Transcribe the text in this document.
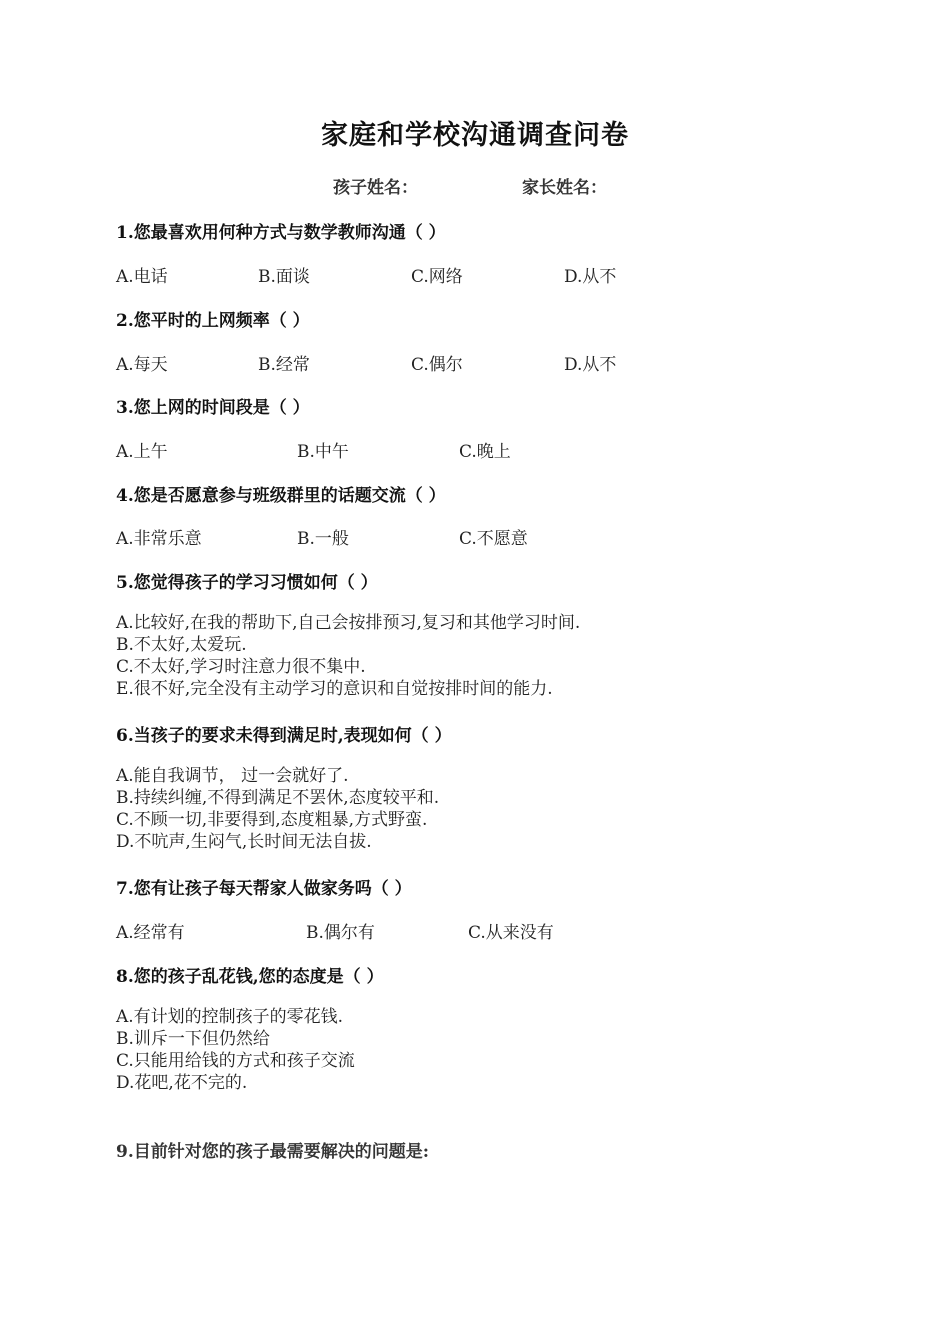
家庭和学校沟通调查问卷
孩子姓名：	家长姓名：
1.您最喜欢用何种方式与数学教师沟通（ ）
A.电话	B.面谈	C.网络	D.从不
2.您平时的上网频率（ ）
A.每天	B.经常	C.偶尔	D.从不
3.您上网的时间段是（ ）
A.上午	B.中午	C.晚上
4.您是否愿意参与班级群里的话题交流（ ）
A.非常乐意	B.一般	C.不愿意
5.您觉得孩子的学习习惯如何（ ）
A.比较好,在我的帮助下,自己会按排预习,复习和其他学习时间.
B.不太好,太爱玩.
C.不太好,学习时注意力很不集中.
E.很不好,完全没有主动学习的意识和自觉按排时间的能力.
6.当孩子的要求未得到满足时,表现如何（ ）
A.能自我调节， 过一会就好了.
B.持续纠缠,不得到满足不罢休,态度较平和.
C.不顾一切,非要得到,态度粗暴,方式野蛮.
D.不吭声,生闷气,长时间无法自拔.
7.您有让孩子每天帮家人做家务吗（ ）
A.经常有	B.偶尔有	C.从来没有
8.您的孩子乱花钱,您的态度是（ ）
A.有计划的控制孩子的零花钱.
B.训斥一下但仍然给
C.只能用给钱的方式和孩子交流
D.花吧,花不完的.
9.目前针对您的孩子最需要解决的问题是:
